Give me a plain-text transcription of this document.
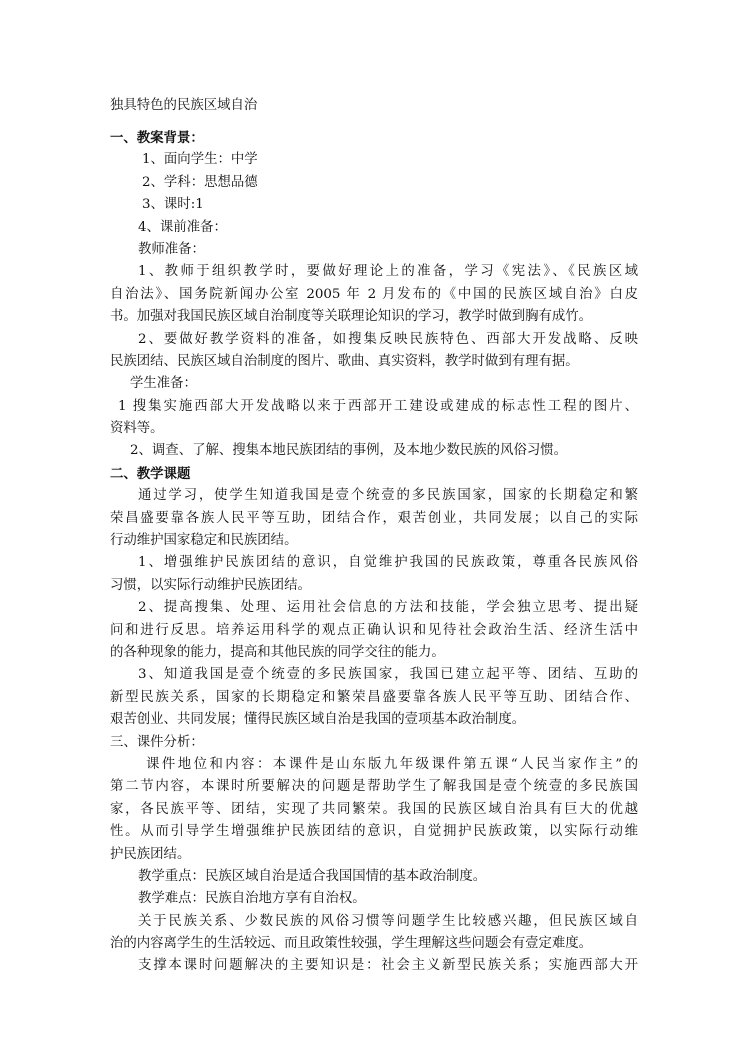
独具特色的民族区域自治
一、教案背景：
1、面向学生：中学
2、学科：思想品德
3、课时:1
4、课前准备：
教师准备：
1、教师于组织教学时，要做好理论上的准备，学习《宪法》、《民族区域
自治法》、国务院新闻办公室 2005 年 2 月发布的《中国的民族区域自治》白皮
书。加强对我国民族区域自治制度等关联理论知识的学习，教学时做到胸有成竹。
2、要做好教学资料的准备，如搜集反映民族特色、西部大开发战略、反映
民族团结、民族区域自治制度的图片、歌曲、真实资料，教学时做到有理有据。
学生准备：
1 搜集实施西部大开发战略以来于西部开工建设或建成的标志性工程的图片、
资料等。
2、调查、了解、搜集本地民族团结的事例，及本地少数民族的风俗习惯。
二、教学课题
通过学习，使学生知道我国是壹个统壹的多民族国家，国家的长期稳定和繁
荣昌盛要靠各族人民平等互助，团结合作，艰苦创业，共同发展；以自己的实际
行动维护国家稳定和民族团结。
1、增强维护民族团结的意识，自觉维护我国的民族政策，尊重各民族风俗
习惯，以实际行动维护民族团结。
2、提高搜集、处理、运用社会信息的方法和技能，学会独立思考、提出疑
问和进行反思。培养运用科学的观点正确认识和见待社会政治生活、经济生活中
的各种现象的能力，提高和其他民族的同学交往的能力。
3、知道我国是壹个统壹的多民族国家，我国已建立起平等、团结、互助的
新型民族关系，国家的长期稳定和繁荣昌盛要靠各族人民平等互助、团结合作、
艰苦创业、共同发展；懂得民族区域自治是我国的壹项基本政治制度。
三、课件分析：
课件地位和内容：本课件是山东版九年级课件第五课“人民当家作主”的
第二节内容，本课时所要解决的问题是帮助学生了解我国是壹个统壹的多民族国
家，各民族平等、团结，实现了共同繁荣。我国的民族区域自治具有巨大的优越
性。从而引导学生增强维护民族团结的意识，自觉拥护民族政策，以实际行动维
护民族团结。
教学重点：民族区域自治是适合我国国情的基本政治制度。
教学难点：民族自治地方享有自治权。
关于民族关系、少数民族的风俗习惯等问题学生比较感兴趣，但民族区域自
治的内容离学生的生活较远、而且政策性较强，学生理解这些问题会有壹定难度。
支撑本课时问题解决的主要知识是：社会主义新型民族关系；实施西部大开
